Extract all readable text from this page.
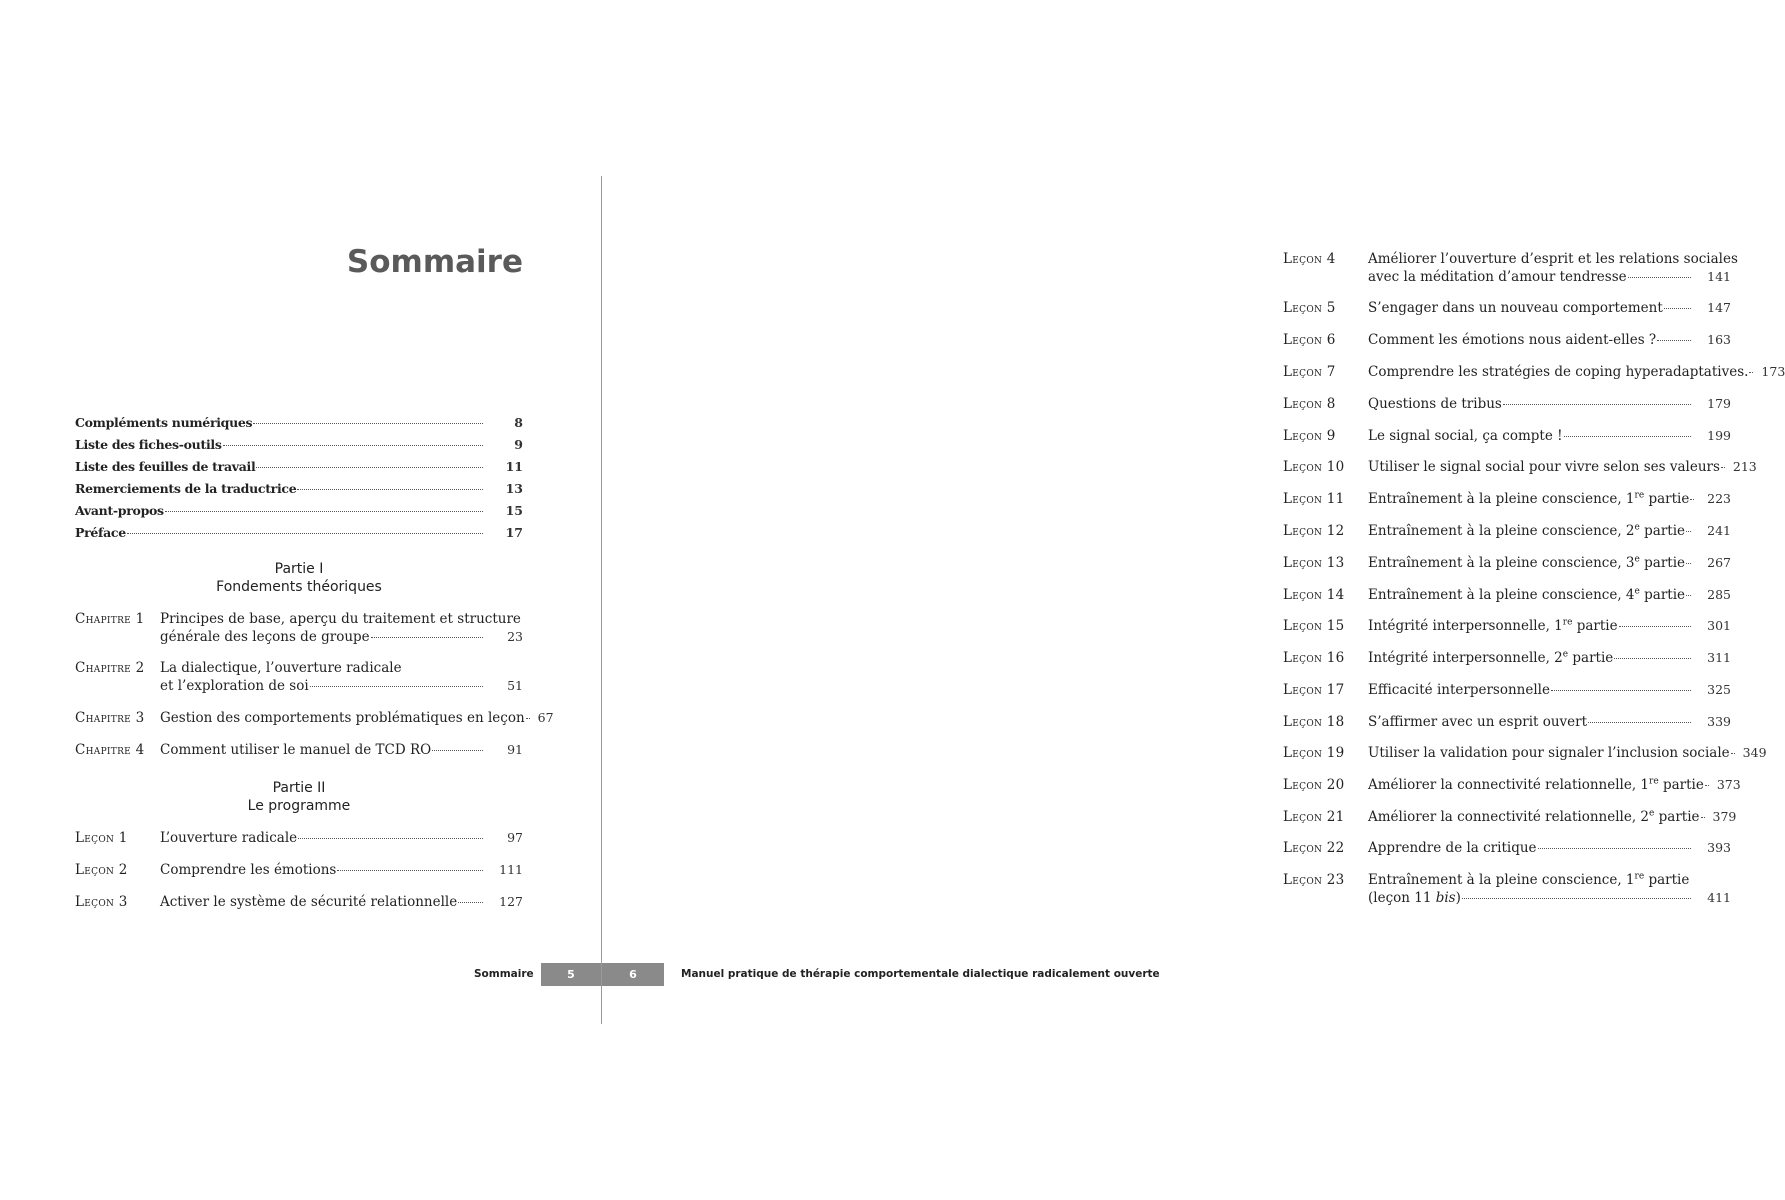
Sommaire
Compléments numériques	8
Liste des fiches-outils	9
Liste des feuilles de travail	11
Remerciements de la traductrice	13
Avant-propos	15
Préface	17
Partie I
Fondements théoriques
Chapitre 1	Principes de base, aperçu du traitement et structure
générale des leçons de groupe	23
Chapitre 2	La dialectique, l’ouverture radicale
et l’exploration de soi	51
Chapitre 3	Gestion des comportements problématiques en leçon 67
Chapitre 4	Comment utiliser le manuel de TCD RO	91
Partie II
Le programme
Leçon 1	L’ouverture radicale	97
Leçon 2	Comprendre les émotions	111
Leçon 3	Activer le système de sécurité relationnelle	127
Sommaire	5
Leçon 4	Améliorer l’ouverture d’esprit et les relations sociales
avec la méditation d’amour tendresse	141
Leçon 5	S’engager dans un nouveau comportement	147
Leçon 6	Comment les émotions nous aident-elles ?	163
Leçon 7	Comprendre les stratégies de coping hyperadaptatives. 173
Leçon 8	Questions de tribus	179
Leçon 9	Le signal social, ça compte !	199
Leçon 10	Utiliser le signal social pour vivre selon ses valeurs 213
Leçon 11	Entraînement à la pleine conscience, 1re partie	223
Leçon 12	Entraînement à la pleine conscience, 2e partie	241
Leçon 13	Entraînement à la pleine conscience, 3e partie	267
Leçon 14	Entraînement à la pleine conscience, 4e partie	285
Leçon 15	Intégrité interpersonnelle, 1re partie	301
Leçon 16	Intégrité interpersonnelle, 2e partie	311
Leçon 17	Efficacité interpersonnelle	325
Leçon 18	S’affirmer avec un esprit ouvert	339
Leçon 19	Utiliser la validation pour signaler l’inclusion sociale 349
Leçon 20	Améliorer la connectivité relationnelle, 1re partie 373
Leçon 21	Améliorer la connectivité relationnelle, 2e partie 379
Leçon 22	Apprendre de la critique	393
Leçon 23	Entraînement à la pleine conscience, 1re partie
(leçon 11 bis)	411
6	Manuel pratique de thérapie comportementale dialectique radicalement ouverte
